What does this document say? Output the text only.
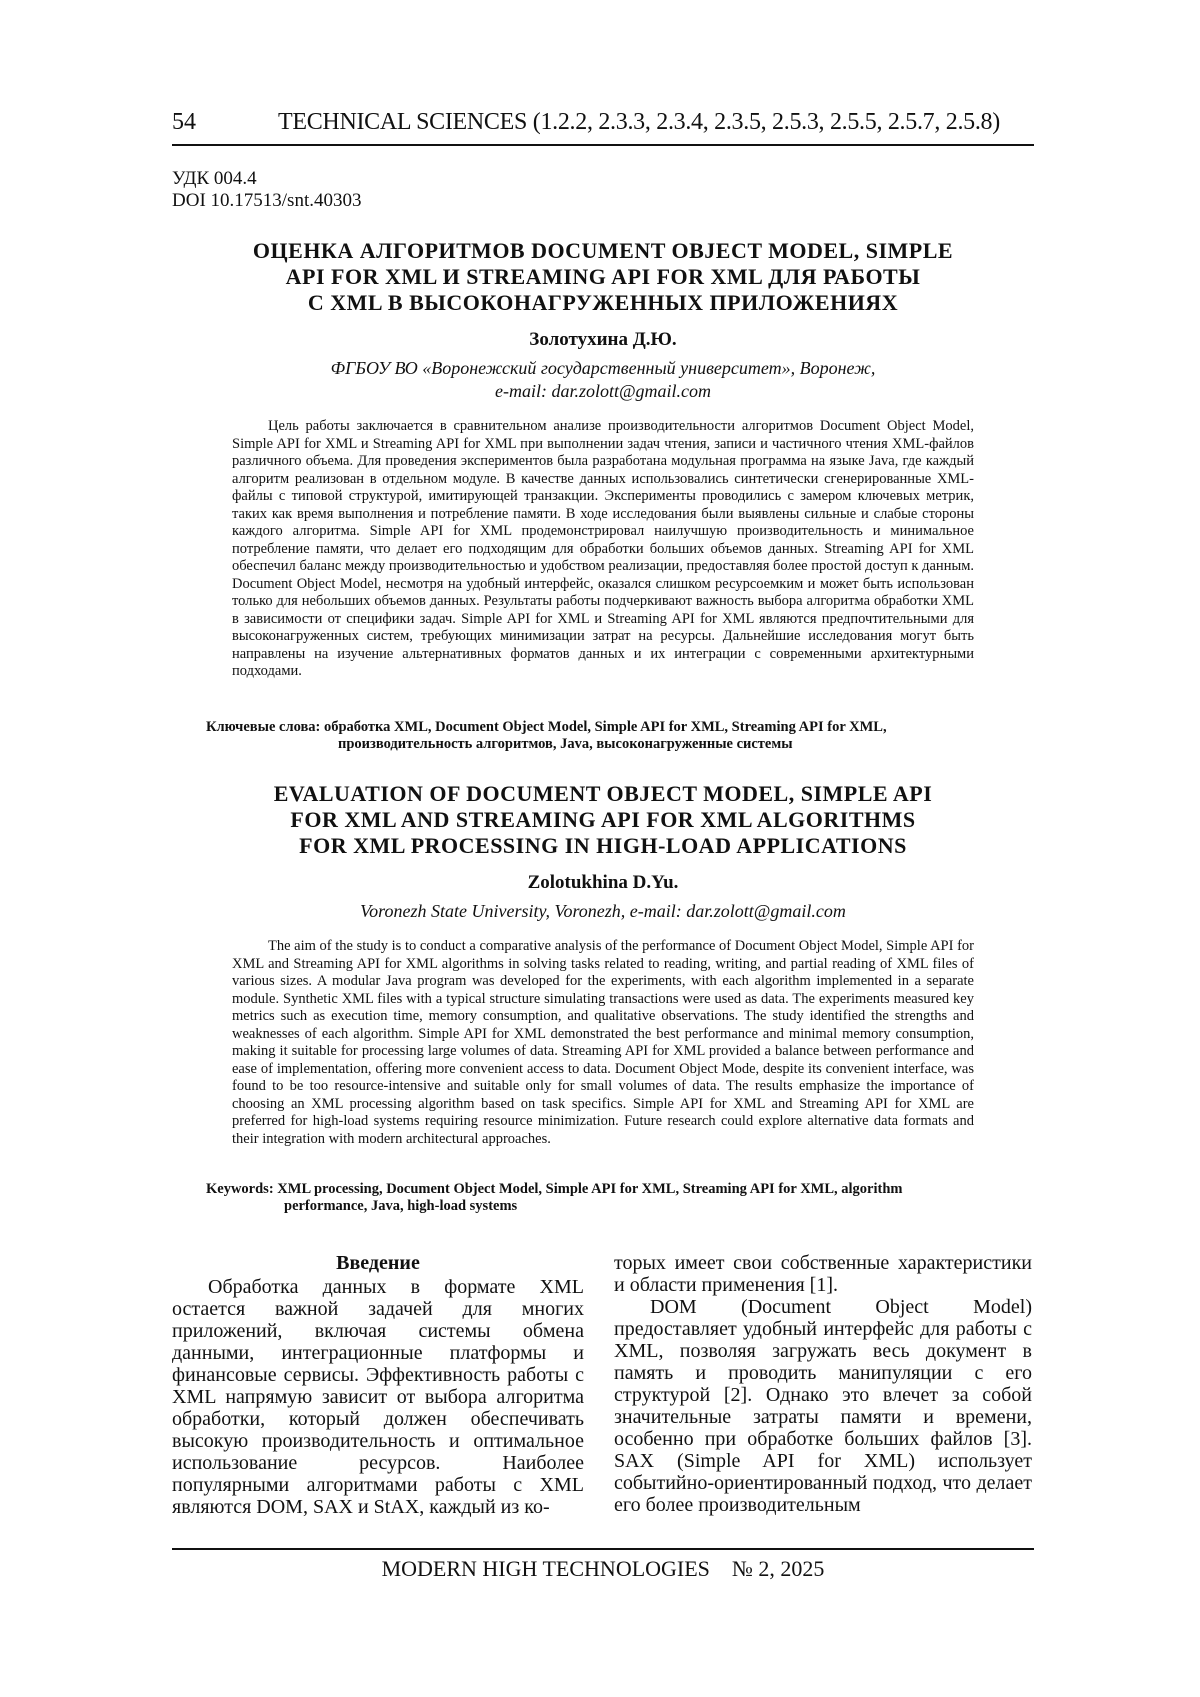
54	TECHNICAL SCIENCES (1.2.2, 2.3.3, 2.3.4, 2.3.5, 2.5.3, 2.5.5, 2.5.7, 2.5.8)
УДК 004.4
DOI 10.17513/snt.40303
ОЦЕНКА АЛГОРИТМОВ DOCUMENT OBJECT MODEL, SIMPLE
API FOR XML И STREAMING API FOR XML ДЛЯ РАБОТЫ
С XML В ВЫСОКОНАГРУЖЕННЫХ ПРИЛОЖЕНИЯХ
Золотухина Д.Ю.
ФГБОУ ВО «Воронежский государственный университет», Воронеж,
e-mail: dar.zolott@gmail.com

Цель работы заключается в сравнительном анализе производительности алгоритмов Document Object Model, Simple API for XML и Streaming API for XML при выполнении задач чтения, записи и частичного чтения XML-файлов различного объема. Для проведения экспериментов была разработана модульная программа на языке Java, где каждый алгоритм реализован в отдельном модуле. В качестве данных использовались синтетически сгенерированные XML-файлы с типовой структурой, имитирующей транзакции. Эксперименты проводились с замером ключевых метрик, таких как время выполнения и потребление памяти. В ходе исследования были выявлены сильные и слабые стороны каждого алгоритма. Simple API for XML продемонстрировал наилучшую производительность и минимальное потребление памяти, что делает его подходящим для обработки больших объемов данных. Streaming API for XML обеспечил баланс между производительностью и удобством реализации, предоставляя более простой доступ к данным. Document Object Model, несмотря на удобный интерфейс, оказался слишком ресурсоемким и может быть использован только для небольших объемов данных. Результаты работы подчеркивают важность выбора алгоритма обработки XML в зависимости от специфики задач. Simple API for XML и Streaming API for XML являются предпочтительными для высоконагруженных систем, требующих минимизации затрат на ресурсы. Дальнейшие исследования могут быть направлены на изучение альтернативных форматов данных и их интеграции с современными архитектурными подходами.

Ключевые слова: обработка XML, Document Object Model, Simple API for XML, Streaming API for XML,
производительность алгоритмов, Java, высоконагруженные системы
EVALUATION OF DOCUMENT OBJECT MODEL, SIMPLE API
FOR XML AND STREAMING API FOR XML ALGORITHMS
FOR XML PROCESSING IN HIGH-LOAD APPLICATIONS
Zolotukhina D.Yu.
Voronezh State University, Voronezh, e-mail: dar.zolott@gmail.com

The aim of the study is to conduct a comparative analysis of the performance of Document Object Model, Simple API for XML and Streaming API for XML algorithms in solving tasks related to reading, writing, and partial reading of XML files of various sizes. A modular Java program was developed for the experiments, with each algorithm implemented in a separate module. Synthetic XML files with a typical structure simulating transactions were used as data. The experiments measured key metrics such as execution time, memory consumption, and qualitative observations. The study identified the strengths and weaknesses of each algorithm. Simple API for XML demonstrated the best performance and minimal memory consumption, making it suitable for processing large volumes of data. Streaming API for XML provided a balance between performance and ease of implementation, offering more convenient access to data. Document Object Mode, despite its convenient interface, was found to be too resource-intensive and suitable only for small volumes of data. The results emphasize the importance of choosing an XML processing algorithm based on task specifics. Simple API for XML and Streaming API for XML are preferred for high-load systems requiring resource minimization. Future research could explore alternative data formats and their integration with modern architectural approaches.

Keywords: XML processing, Document Object Model, Simple API for XML, Streaming API for XML, algorithm
performance, Java, high-load systems
Введение

Обработка данных в формате XML остается важной задачей для многих приложений, включая системы обмена данными, интеграционные платформы и финансовые сервисы. Эффективность работы с XML напрямую зависит от выбора алгоритма обработки, который должен обеспечивать высокую производительность и оптимальное использование ресурсов. Наиболее популярными алгоритмами работы с XML являются DOM, SAX и StAX, каждый из ко-

торых имеет свои собственные характеристики и области применения [1].

DOM (Document Object Model) предоставляет удобный интерфейс для работы с XML, позволяя загружать весь документ в память и проводить манипуляции с его структурой [2]. Однако это влечет за собой значительные затраты памяти и времени, особенно при обработке больших файлов [3]. SAX (Simple API for XML) использует событийно-ориентированный подход, что делает его более производительным

MODERN HIGH TECHNOLOGIES    № 2, 2025
